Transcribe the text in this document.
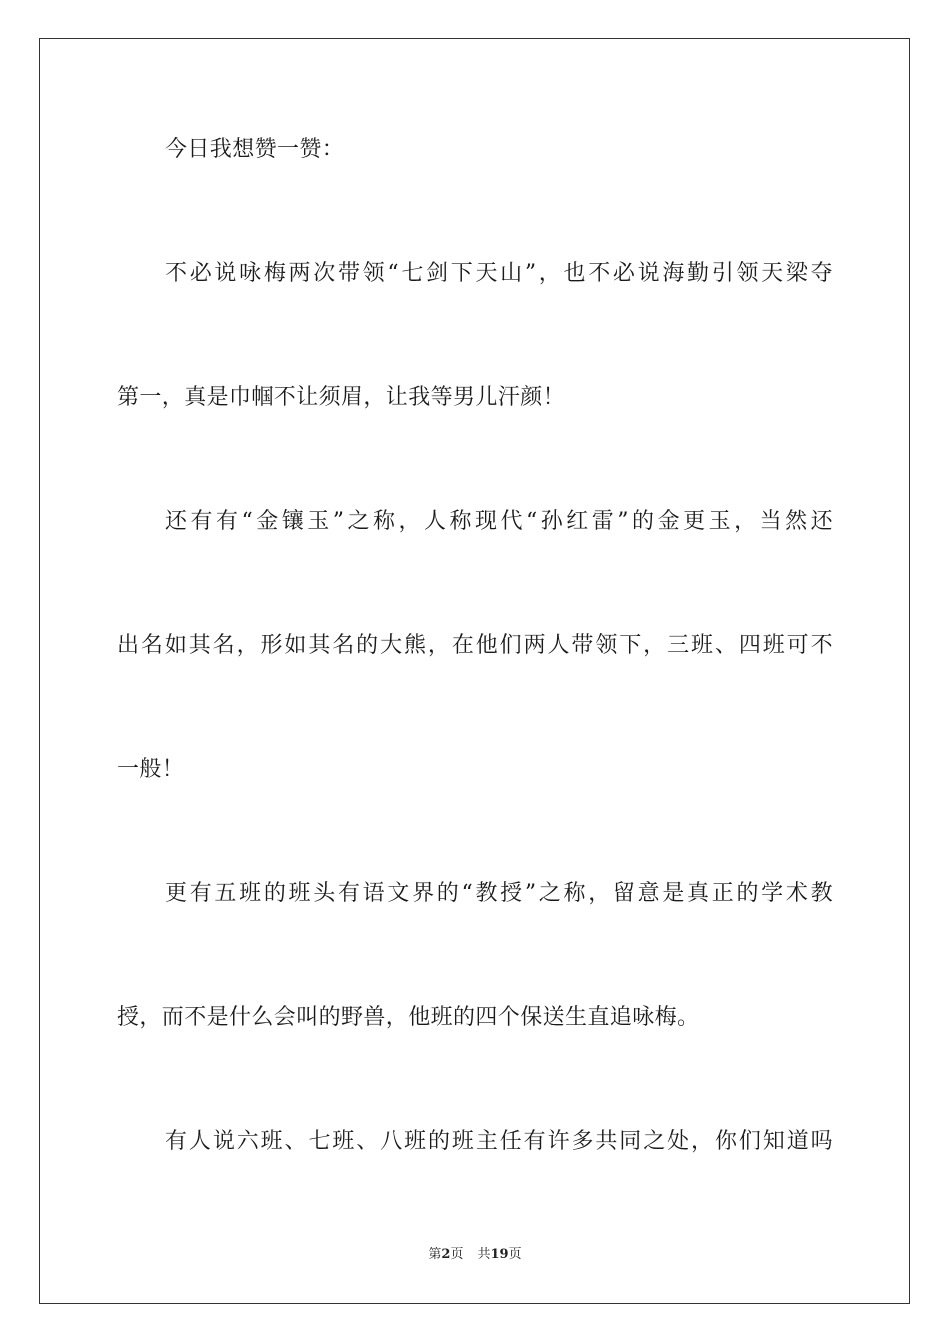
今日我想赞一赞：
不必说咏梅两次带领“七剑下天山”，也不必说海勤引领天梁夺
第一，真是巾帼不让须眉，让我等男儿汗颜！
还有有“金镶玉”之称，人称现代“孙红雷”的金更玉，当然还
出名如其名，形如其名的大熊，在他们两人带领下，三班、四班可不
一般！
更有五班的班头有语文界的“教授”之称，留意是真正的学术教
授，而不是什么会叫的野兽，他班的四个保送生直追咏梅。
有人说六班、七班、八班的班主任有许多共同之处，你们知道吗
第2页 共19页
